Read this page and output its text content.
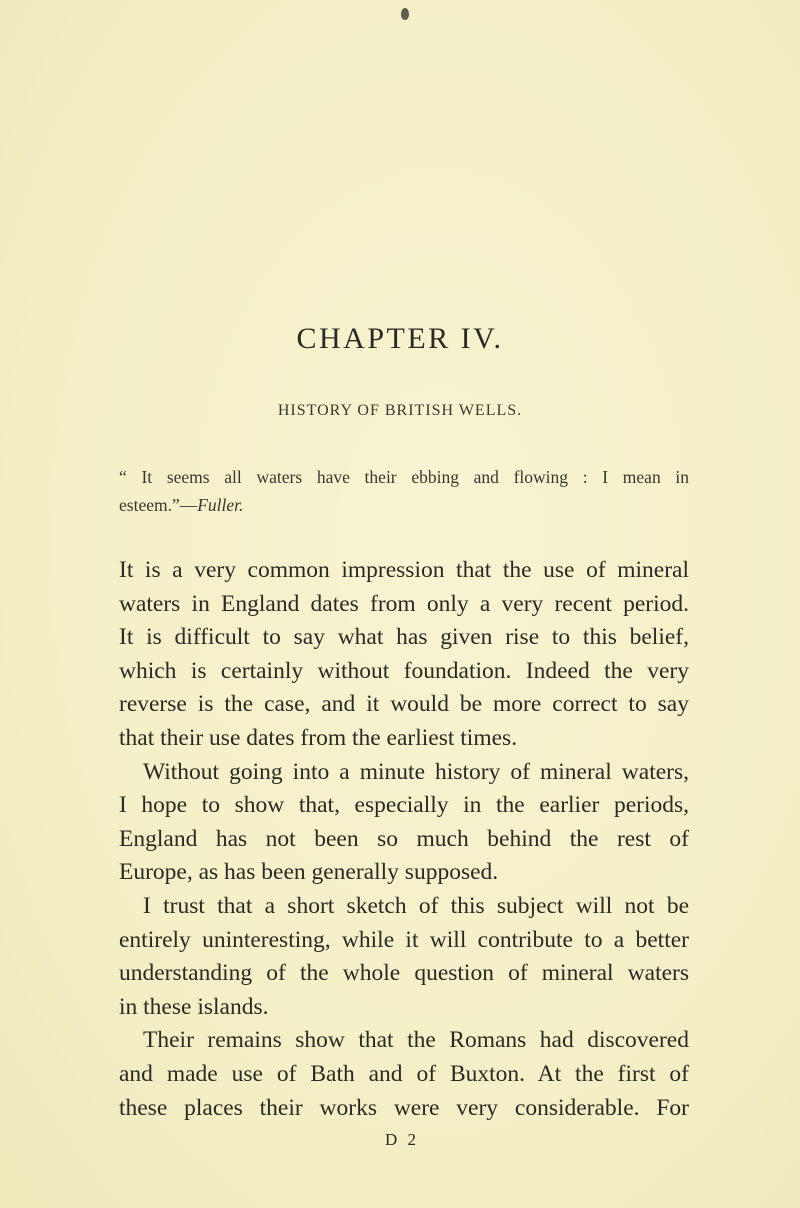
CHAPTER IV.
HISTORY OF BRITISH WELLS.
“ It seems all waters have their ebbing and flowing : I mean in
esteem.”—Fuller.
It is a very common impression that the use of mineral
waters in England dates from only a very recent period.
It is difficult to say what has given rise to this belief,
which is certainly without foundation. Indeed the very
reverse is the case, and it would be more correct to say
that their use dates from the earliest times.
Without going into a minute history of mineral waters,
I hope to show that, especially in the earlier periods,
England has not been so much behind the rest of
Europe, as has been generally supposed.
I trust that a short sketch of this subject will not be
entirely uninteresting, while it will contribute to a better
understanding of the whole question of mineral waters
in these islands.
Their remains show that the Romans had discovered
and made use of Bath and of Buxton. At the first of
these places their works were very considerable. For
D 2
